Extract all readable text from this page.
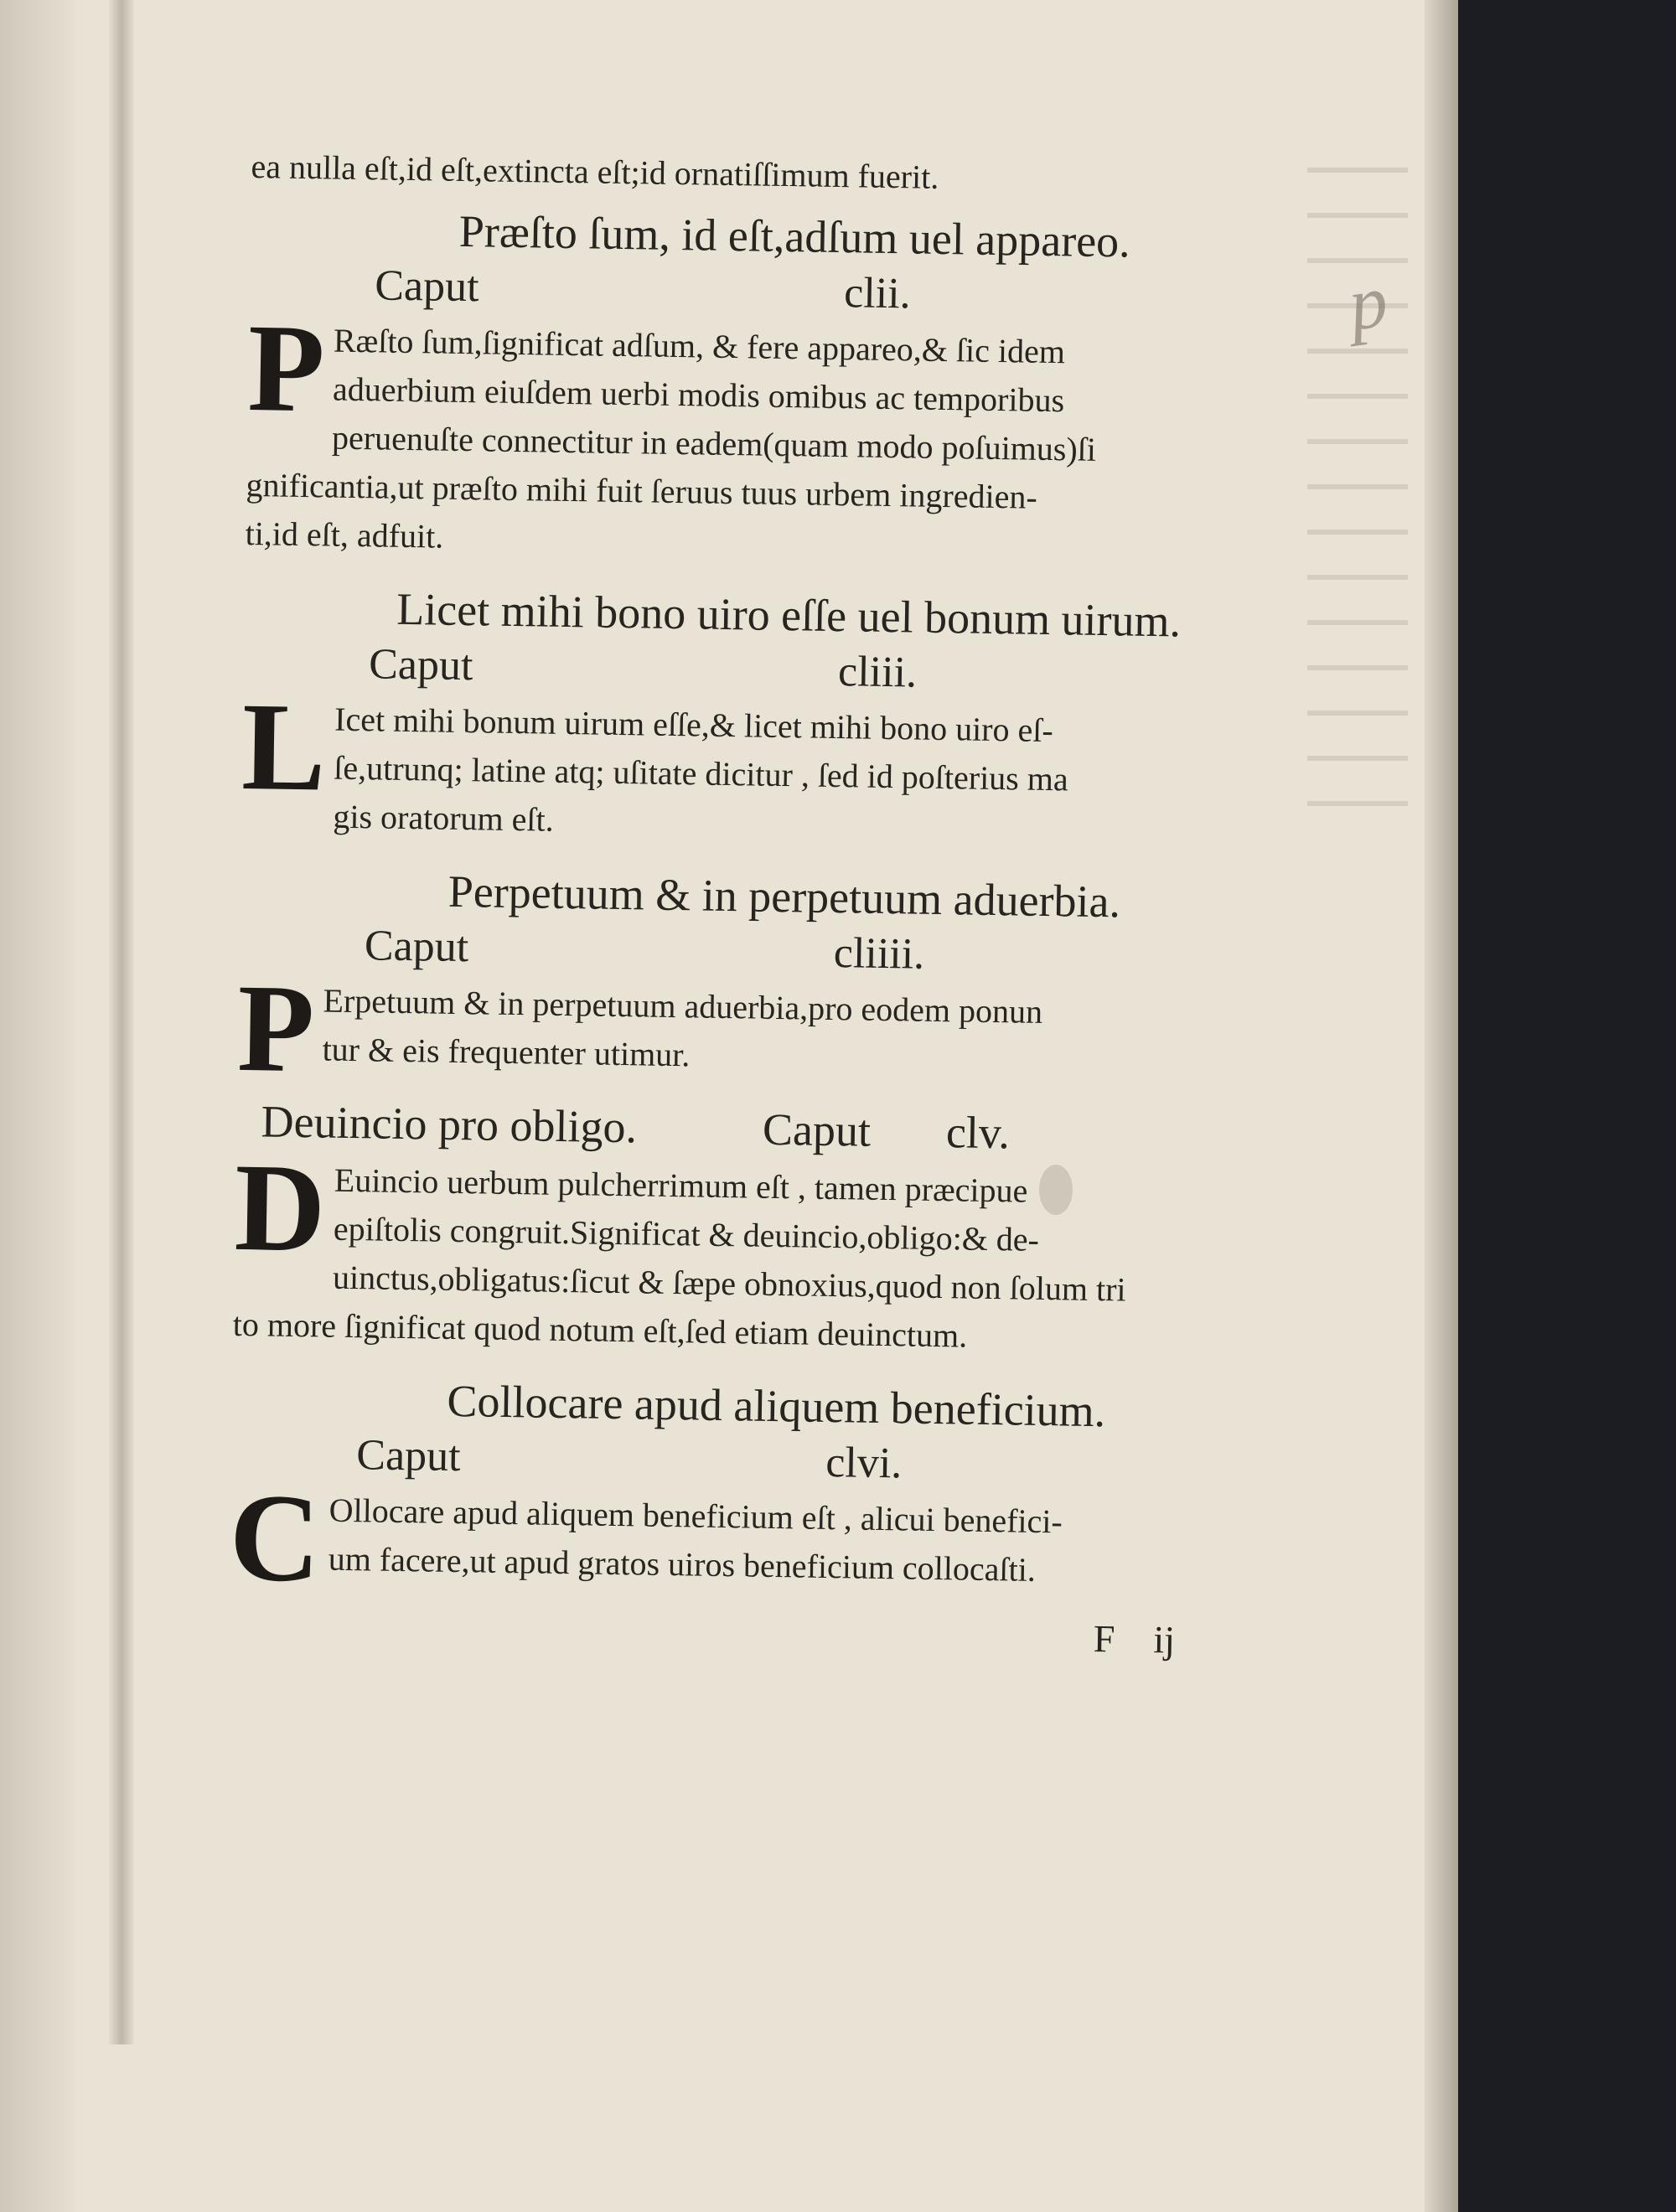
p
ea nulla eſt,id eſt,extincta eſt;id ornatiſſimum fuerit.
Præſto ſum, id eſt,adſum uel appareo.
Caput	clii.
P Ræſto ſum,ſignificat adſum, & fere appareo,& ſic idem
aduerbium eiuſdem uerbi modis omibus ac temporibus
peruenuſte connectitur in eadem(quam modo poſuimus)ſi
gnificantia,ut præſto mihi fuit ſeruus tuus urbem ingredien-
ti,id eſt, adfuit.
Licet mihi bono uiro eſſe uel bonum uirum.
Caput	cliii.
L Icet mihi bonum uirum eſſe,& licet mihi bono uiro eſ-
ſe,utrunq; latine atq; uſitate dicitur , ſed id poſterius ma
gis oratorum eſt.
Perpetuum & in perpetuum aduerbia.
Caput	cliiii.
P Erpetuum & in perpetuum aduerbia,pro eodem ponun
tur & eis frequenter utimur.
Deuincio pro obligo.	Caput clv.
D Euincio uerbum pulcherrimum eſt , tamen præcipue
epiſtolis congruit.Significat & deuincio,obligo:& de-
uinctus,obligatus:ſicut & ſæpe obnoxius,quod non ſolum tri
to more ſignificat quod notum eſt,ſed etiam deuinctum.
Collocare apud aliquem beneficium.
Caput	clvi.
C Ollocare apud aliquem beneficium eſt , alicui benefici-
um facere,ut apud gratos uiros beneficium collocaſti.
F ij
